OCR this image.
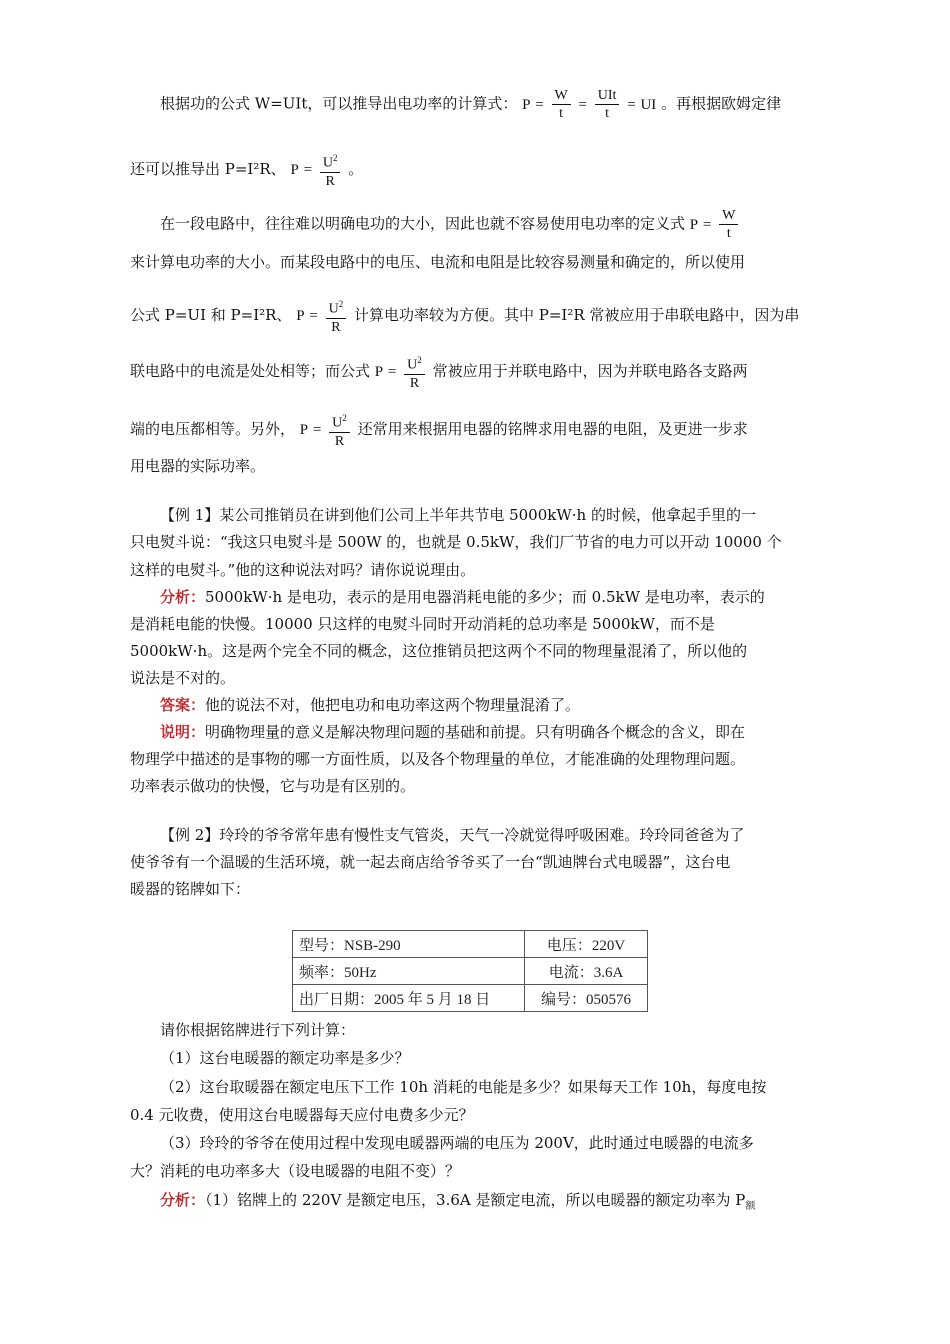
根据功的公式 W=UIt，可以推导出电功率的计算式： $P = \frac{W}{t} = \frac{\text{UIt}}{t}$ = UI 。再根据欧姆定律
还可以推导出 P=I²R、 $P = \frac{U^2}{R}$ 。
在一段电路中，往往难以明确电功的大小，因此也就不容易使用电功率的定义式 $P = \frac{W}{t}$
来计算电功率的大小。而某段电路中的电压、电流和电阻是比较容易测量和确定的，所以使用
公式 P=UI 和 P=I²R、 $P = \frac{U^2}{R}$ 计算电功率较为方便。其中 P=I²R 常被应用于串联电路中，因为串
联电路中的电流是处处相等；而公式 $P = \frac{U^2}{R}$ 常被应用于并联电路中，因为并联电路各支路两
端的电压都相等。另外， $P = \frac{U^2}{R}$ 还常用来根据用电器的铭牌求用电器的电阻，及更进一步求
用电器的实际功率。
【例 1】某公司推销员在讲到他们公司上半年共节电 5000kW·h 的时候，他拿起手里的一
只电熨斗说：“我这只电熨斗是 500W 的，也就是 0.5kW，我们厂节省的电力可以开动 10000 个
这样的电熨斗。”他的这种说法对吗？请你说说理由。
分析：5000kW·h 是电功，表示的是用电器消耗电能的多少；而 0.5kW 是电功率，表示的
是消耗电能的快慢。10000 只这样的电熨斗同时开动消耗的总功率是 5000kW，而不是
5000kW·h。这是两个完全不同的概念，这位推销员把这两个不同的物理量混淆了，所以他的
说法是不对的。
答案：他的说法不对，他把电功和电功率这两个物理量混淆了。
说明：明确物理量的意义是解决物理问题的基础和前提。只有明确各个概念的含义，即在
物理学中描述的是事物的哪一方面性质，以及各个物理量的单位，才能准确的处理物理问题。
功率表示做功的快慢，它与功是有区别的。
【例 2】玲玲的爷爷常年患有慢性支气管炎，天气一冷就觉得呼吸困难。玲玲同爸爸为了
使爷爷有一个温暖的生活环境，就一起去商店给爷爷买了一台“凯迪牌台式电暖器”，这台电
暖器的铭牌如下：
型号：NSB-290	电压：220V
频率：50Hz	电流：3.6A
出厂日期：2005 年 5 月 18 日	编号：050576
请你根据铭牌进行下列计算：
（1）这台电暖器的额定功率是多少？
（2）这台取暖器在额定电压下工作 10h 消耗的电能是多少？如果每天工作 10h，每度电按
0.4 元收费，使用这台电暖器每天应付电费多少元？
（3）玲玲的爷爷在使用过程中发现电暖器两端的电压为 200V，此时通过电暖器的电流多
大？消耗的电功率多大（设电暖器的电阻不变）？
分析：（1）铭牌上的 220V 是额定电压，3.6A 是额定电流，所以电暖器的额定功率为 $P_额$
